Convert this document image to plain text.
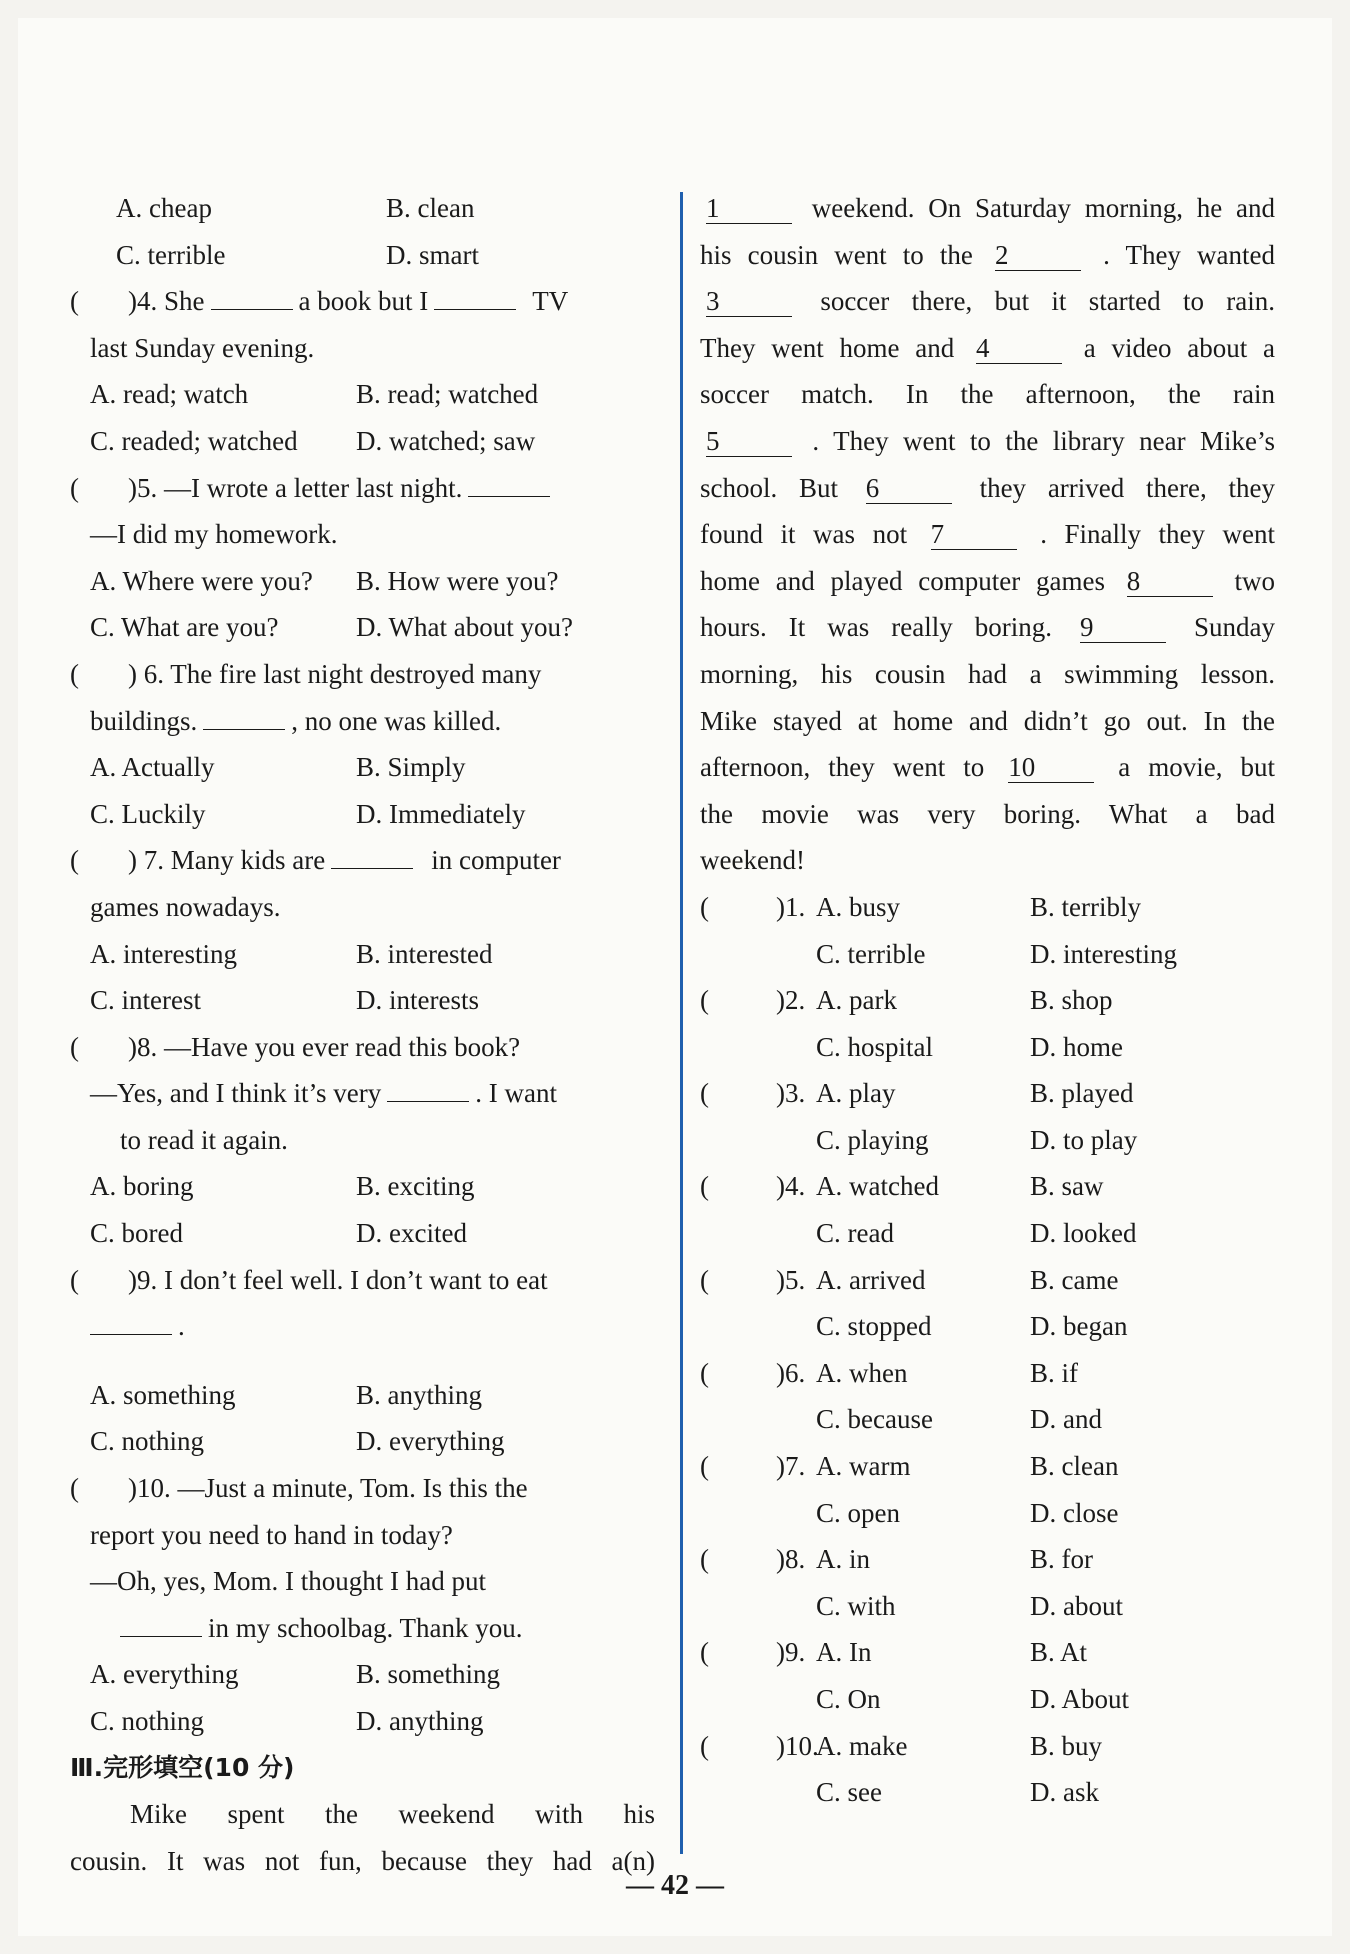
A. cheap	B. clean
C. terrible	D. smart
( )4. She	a book but I	TV
last Sunday evening.
A. read; watch	B. read; watched
C. readed; watched	D. watched; saw
( )5. —I wrote a letter last night.
—I did my homework.
A. Where were you?	B. How were you?
C. What are you?	D. What about you?
( ) 6. The fire last night destroyed many
buildings.	, no one was killed.
A. Actually	B. Simply
C. Luckily	D. Immediately
( ) 7. Many kids are	in computer
games nowadays.
A. interesting	B. interested
C. interest	D. interests
( )8. —Have you ever read this book?
—Yes, and I think it’s very	. I want
to read it again.
A. boring	B. exciting
C. bored	D. excited
( )9. I don’t feel well. I don’t want to eat
.
A. something	B. anything
C. nothing	D. everything
( )10. —Just a minute, Tom. Is this the
report you need to hand in today?
—Oh, yes, Mom. I thought I had put
in my schoolbag. Thank you.
A. everything	B. something
C. nothing	D. anything
Ⅲ.完形填空(10 分)
Mike spent the weekend with his
cousin. It was not fun, because they had a(n)
1	weekend. On Saturday morning, he and
his cousin went to the 2	. They wanted
3	soccer there, but it started to rain.
They went home and 4	a video about a
soccer match. In the afternoon, the rain
5	. They went to the library near Mike’s
school. But 6	they arrived there, they
found it was not 7	. Finally they went
home and played computer games 8	two
hours. It was really boring. 9	Sunday
morning, his cousin had a swimming lesson.
Mike stayed at home and didn’t go out. In the
afternoon, they went to 10	a movie, but
the movie was very boring. What a bad
weekend!
(	)1. A. busy	B. terribly
C. terrible	D. interesting
(	)2. A. park	B. shop
C. hospital	D. home
(	)3. A. play	B. played
C. playing	D. to play
(	)4. A. watched	B. saw
C. read	D. looked
(	)5. A. arrived	B. came
C. stopped	D. began
(	)6. A. when	B. if
C. because	D. and
(	)7. A. warm	B. clean
C. open	D. close
(	)8. A. in	B. for
C. with	D. about
(	)9. A. In	B. At
C. On	D. About
(	)10.
A. make	B. buy
C. see	D. ask
— 42 —
